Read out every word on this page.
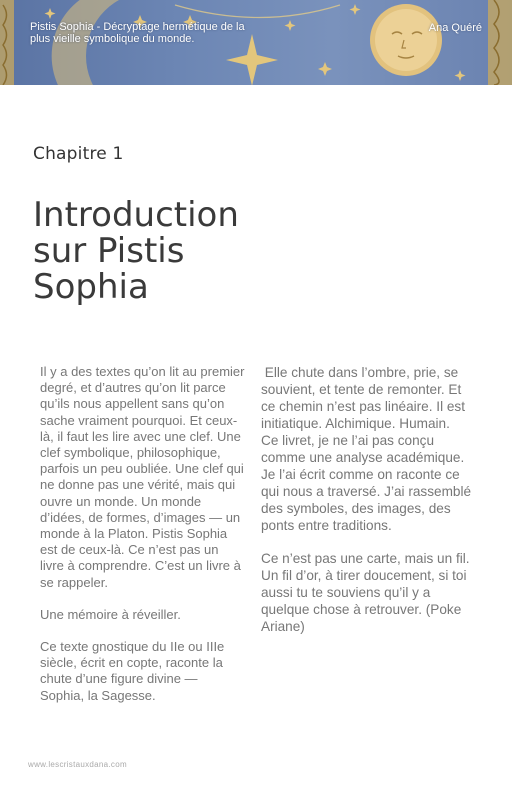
Pistis Sophia - Décryptage hermétique de la plus vieille symbolique du monde.
Ana Quéré
Chapitre 1
Introduction
sur Pistis
Sophia

Il y a des textes qu’on lit au premier degré, et d’autres qu’on lit parce qu’ils nous appellent sans qu’on sache vraiment pourquoi. Et ceux-là, il faut les lire avec une clef. Une clef symbolique, philosophique, parfois un peu oubliée. Une clef qui ne donne pas une vérité, mais qui ouvre un monde. Un monde d’idées, de formes, d’images — un monde à la Platon. Pistis Sophia est de ceux-là. Ce n’est pas un livre à comprendre. C’est un livre à se rappeler.

Une mémoire à réveiller.

Ce texte gnostique du IIe ou IIIe siècle, écrit en copte, raconte la chute d’une figure divine — Sophia, la Sagesse.

Elle chute dans l’ombre, prie, se souvient, et tente de remonter. Et ce chemin n’est pas linéaire. Il est initiatique. Alchimique. Humain.

Ce livret, je ne l’ai pas conçu comme une analyse académique. Je l’ai écrit comme on raconte ce qui nous a traversé. J’ai rassemblé des symboles, des images, des ponts entre traditions.

Ce n’est pas une carte, mais un fil. Un fil d’or, à tirer doucement, si toi aussi tu te souviens qu’il y a quelque chose à retrouver. (Poke Ariane)

www.lescristauxdana.com
